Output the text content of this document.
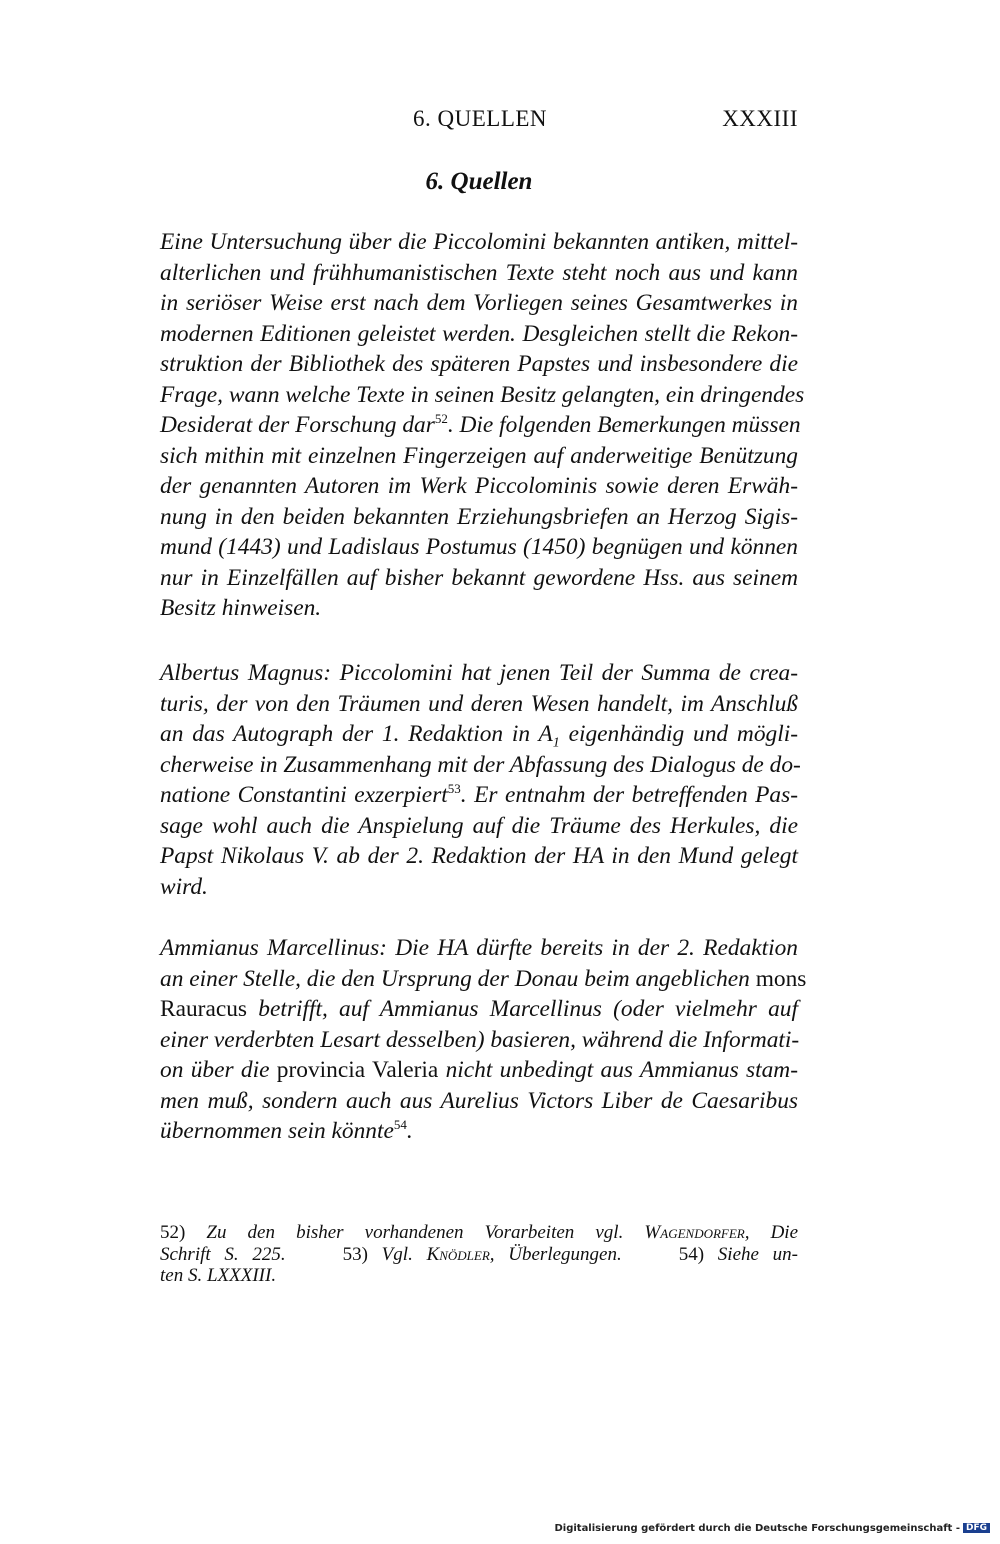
6. QUELLEN	XXXIII
6. Quellen
Eine Untersuchung über die Piccolomini bekannten antiken, mittel-
alterlichen und frühhumanistischen Texte steht noch aus und kann
in seriöser Weise erst nach dem Vorliegen seines Gesamtwerkes in
modernen Editionen geleistet werden. Desgleichen stellt die Rekon-
struktion der Bibliothek des späteren Papstes und insbesondere die
Frage, wann welche Texte in seinen Besitz gelangten, ein dringendes
Desiderat der Forschung dar$^{52}$. Die folgenden Bemerkungen müssen
sich mithin mit einzelnen Fingerzeigen auf anderweitige Benützung
der genannten Autoren im Werk Piccolominis sowie deren Erwäh-
nung in den beiden bekannten Erziehungsbriefen an Herzog Sigis-
mund (1443) und Ladislaus Postumus (1450) begnügen und können
nur in Einzelfällen auf bisher bekannt gewordene Hss. aus seinem
Besitz hinweisen.
Albertus Magnus: Piccolomini hat jenen Teil der Summa de crea-
turis, der von den Träumen und deren Wesen handelt, im Anschluß
an das Autograph der 1. Redaktion in $A_1$ eigenhändig und mögli-
cherweise in Zusammenhang mit der Abfassung des Dialogus de do-
natione Constantini exzerpiert$^{53}$. Er entnahm der betreffenden Pas-
sage wohl auch die Anspielung auf die Träume des Herkules, die
Papst Nikolaus V. ab der 2. Redaktion der HA in den Mund gelegt
wird.
Ammianus Marcellinus: Die HA dürfte bereits in der 2. Redaktion
an einer Stelle, die den Ursprung der Donau beim angeblichen mons
Rauracus betrifft, auf Ammianus Marcellinus (oder vielmehr auf
einer verderbten Lesart desselben) basieren, während die Informati-
on über die provincia Valeria nicht unbedingt aus Ammianus stam-
men muß, sondern auch aus Aurelius Victors Liber de Caesaribus
übernommen sein könnte$^{54}$.
52) Zu den bisher vorhandenen Vorarbeiten vgl. Wagendorfer, Die
Schrift S. 225.   	53) Vgl. Knödler, Überlegungen.   	54) Siehe un-
ten S. LXXXIII.
Digitalisierung gefördert durch die Deutsche Forschungsgemeinschaft - DFG
